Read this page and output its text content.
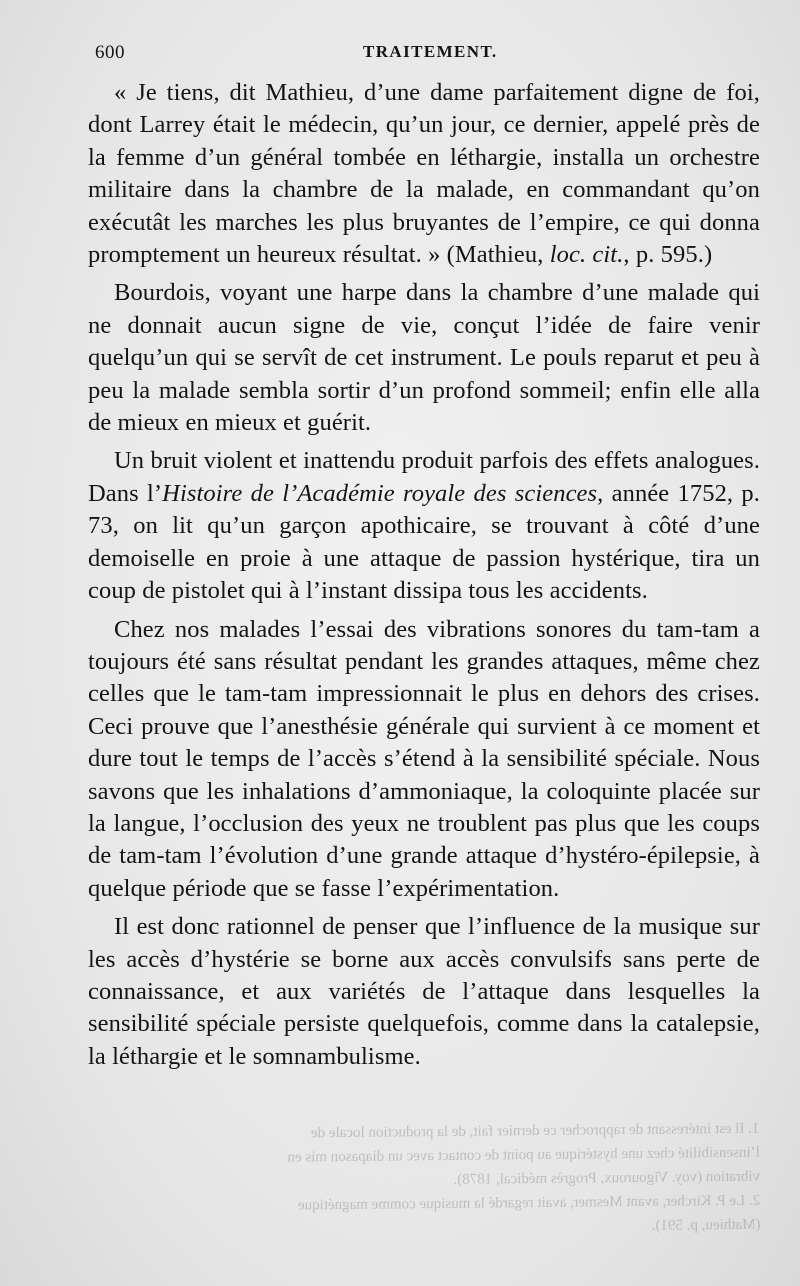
600	TRAITEMENT.

« Je tiens, dit Mathieu, d’une dame parfaitement digne de foi, dont Larrey était le médecin, qu’un jour, ce dernier, appelé près de la femme d’un général tombée en léthargie, installa un orchestre militaire dans la chambre de la malade, en commandant qu’on exécutât les marches les plus bruyantes de l’empire, ce qui donna promptement un heureux résultat. » (Mathieu, loc. cit., p. 595.)

Bourdois, voyant une harpe dans la chambre d’une malade qui ne donnait aucun signe de vie, conçut l’idée de faire venir quelqu’un qui se servît de cet instrument. Le pouls reparut et peu à peu la malade sembla sortir d’un profond sommeil; enfin elle alla de mieux en mieux et guérit.

Un bruit violent et inattendu produit parfois des effets analogues. Dans l’Histoire de l’Académie royale des sciences, année 1752, p. 73, on lit qu’un garçon apothicaire, se trouvant à côté d’une demoiselle en proie à une attaque de passion hystérique, tira un coup de pistolet qui à l’instant dissipa tous les accidents.

Chez nos malades l’essai des vibrations sonores du tam-tam a toujours été sans résultat pendant les grandes attaques, même chez celles que le tam-tam impressionnait le plus en dehors des crises. Ceci prouve que l’anesthésie générale qui survient à ce moment et dure tout le temps de l’accès s’étend à la sensibilité spéciale. Nous savons que les inhalations d’ammoniaque, la coloquinte placée sur la langue, l’occlusion des yeux ne troublent pas plus que les coups de tam-tam l’évolution d’une grande attaque d’hystéro-épilepsie, à quelque période que se fasse l’expérimentation.

Il est donc rationnel de penser que l’influence de la musique sur les accès d’hystérie se borne aux accès convulsifs sans perte de connaissance, et aux variétés de l’attaque dans lesquelles la sensibilité spéciale persiste quelquefois, comme dans la catalepsie, la léthargie et le somnambulisme.

1. Il est intéressant de rapprocher ce dernier fait, de la production locale de
l’insensibilité chez une hystérique au point de contact avec un diapason mis en
vibration (voy. Vigouroux, Progrès médical, 1878).
2. Le P. Kircher, avant Mesmer, avait regardé la musique comme magnétique
(Mathieu, p. 591).
